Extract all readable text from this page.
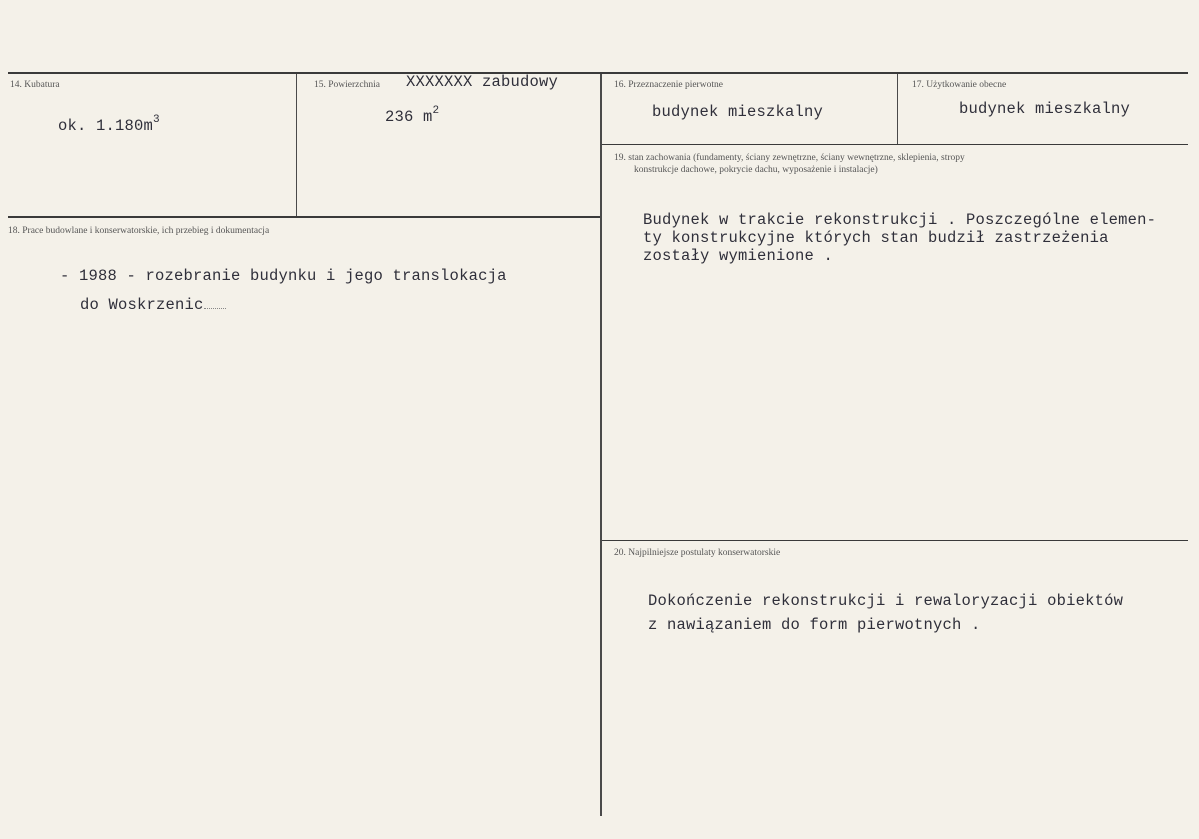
14. Kubatura
ok. $1.180m^3$
15. Powierzchnia XXXXXXX zabudowy
236 $m^2$
16. Przeznaczenie pierwotne
budynek mieszkalny
17. Użytkowanie obecne
budynek mieszkalny
18. Prace budowlane i konserwatorskie, ich przebieg i dokumentacja
- 1988 - rozebranie budynku i jego translokacja
do Woskrzenic
19. stan zachowania (fundamenty, ściany zewnętrzne, ściany wewnętrzne, sklepienia, stropy
konstrukcje dachowe, pokrycie dachu, wyposażenie i instalacje)
Budynek w trakcie rekonstrukcji . Poszczególne elemen-
ty konstrukcyjne których stan budził zastrzeżenia
zostały wymienione .
20. Najpilniejsze postulaty konserwatorskie
Dokończenie rekonstrukcji i rewaloryzacji obiektów
z nawiązaniem do form pierwotnych .
